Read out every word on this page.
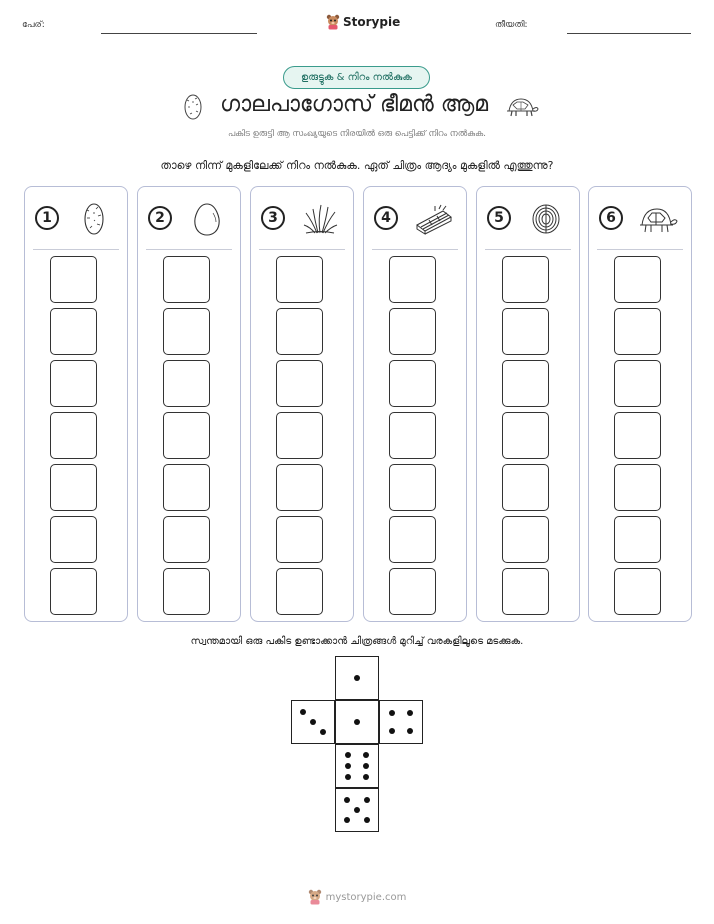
പേര്:	Storypie	തീയതി:
ഉരുട്ടുക & നിറം നൽകുക
ഗാലപാഗോസ് ഭീമൻ ആമ
പകിട ഉരുട്ടി ആ സംഖ്യയുടെ നിരയിൽ ഒരു പെട്ടിക്ക് നിറം നൽകുക.
താഴെ നിന്ന് മുകളിലേക്ക് നിറം നൽകുക. ഏത് ചിത്രം ആദ്യം മുകളിൽ എത്തുന്നു?
1	2	3	4	5	6
സ്വന്തമായി ഒരു പകിട ഉണ്ടാക്കാൻ ചിത്രങ്ങൾ മുറിച്ച് വരകളിലൂടെ മടക്കുക.
mystorypie.com
